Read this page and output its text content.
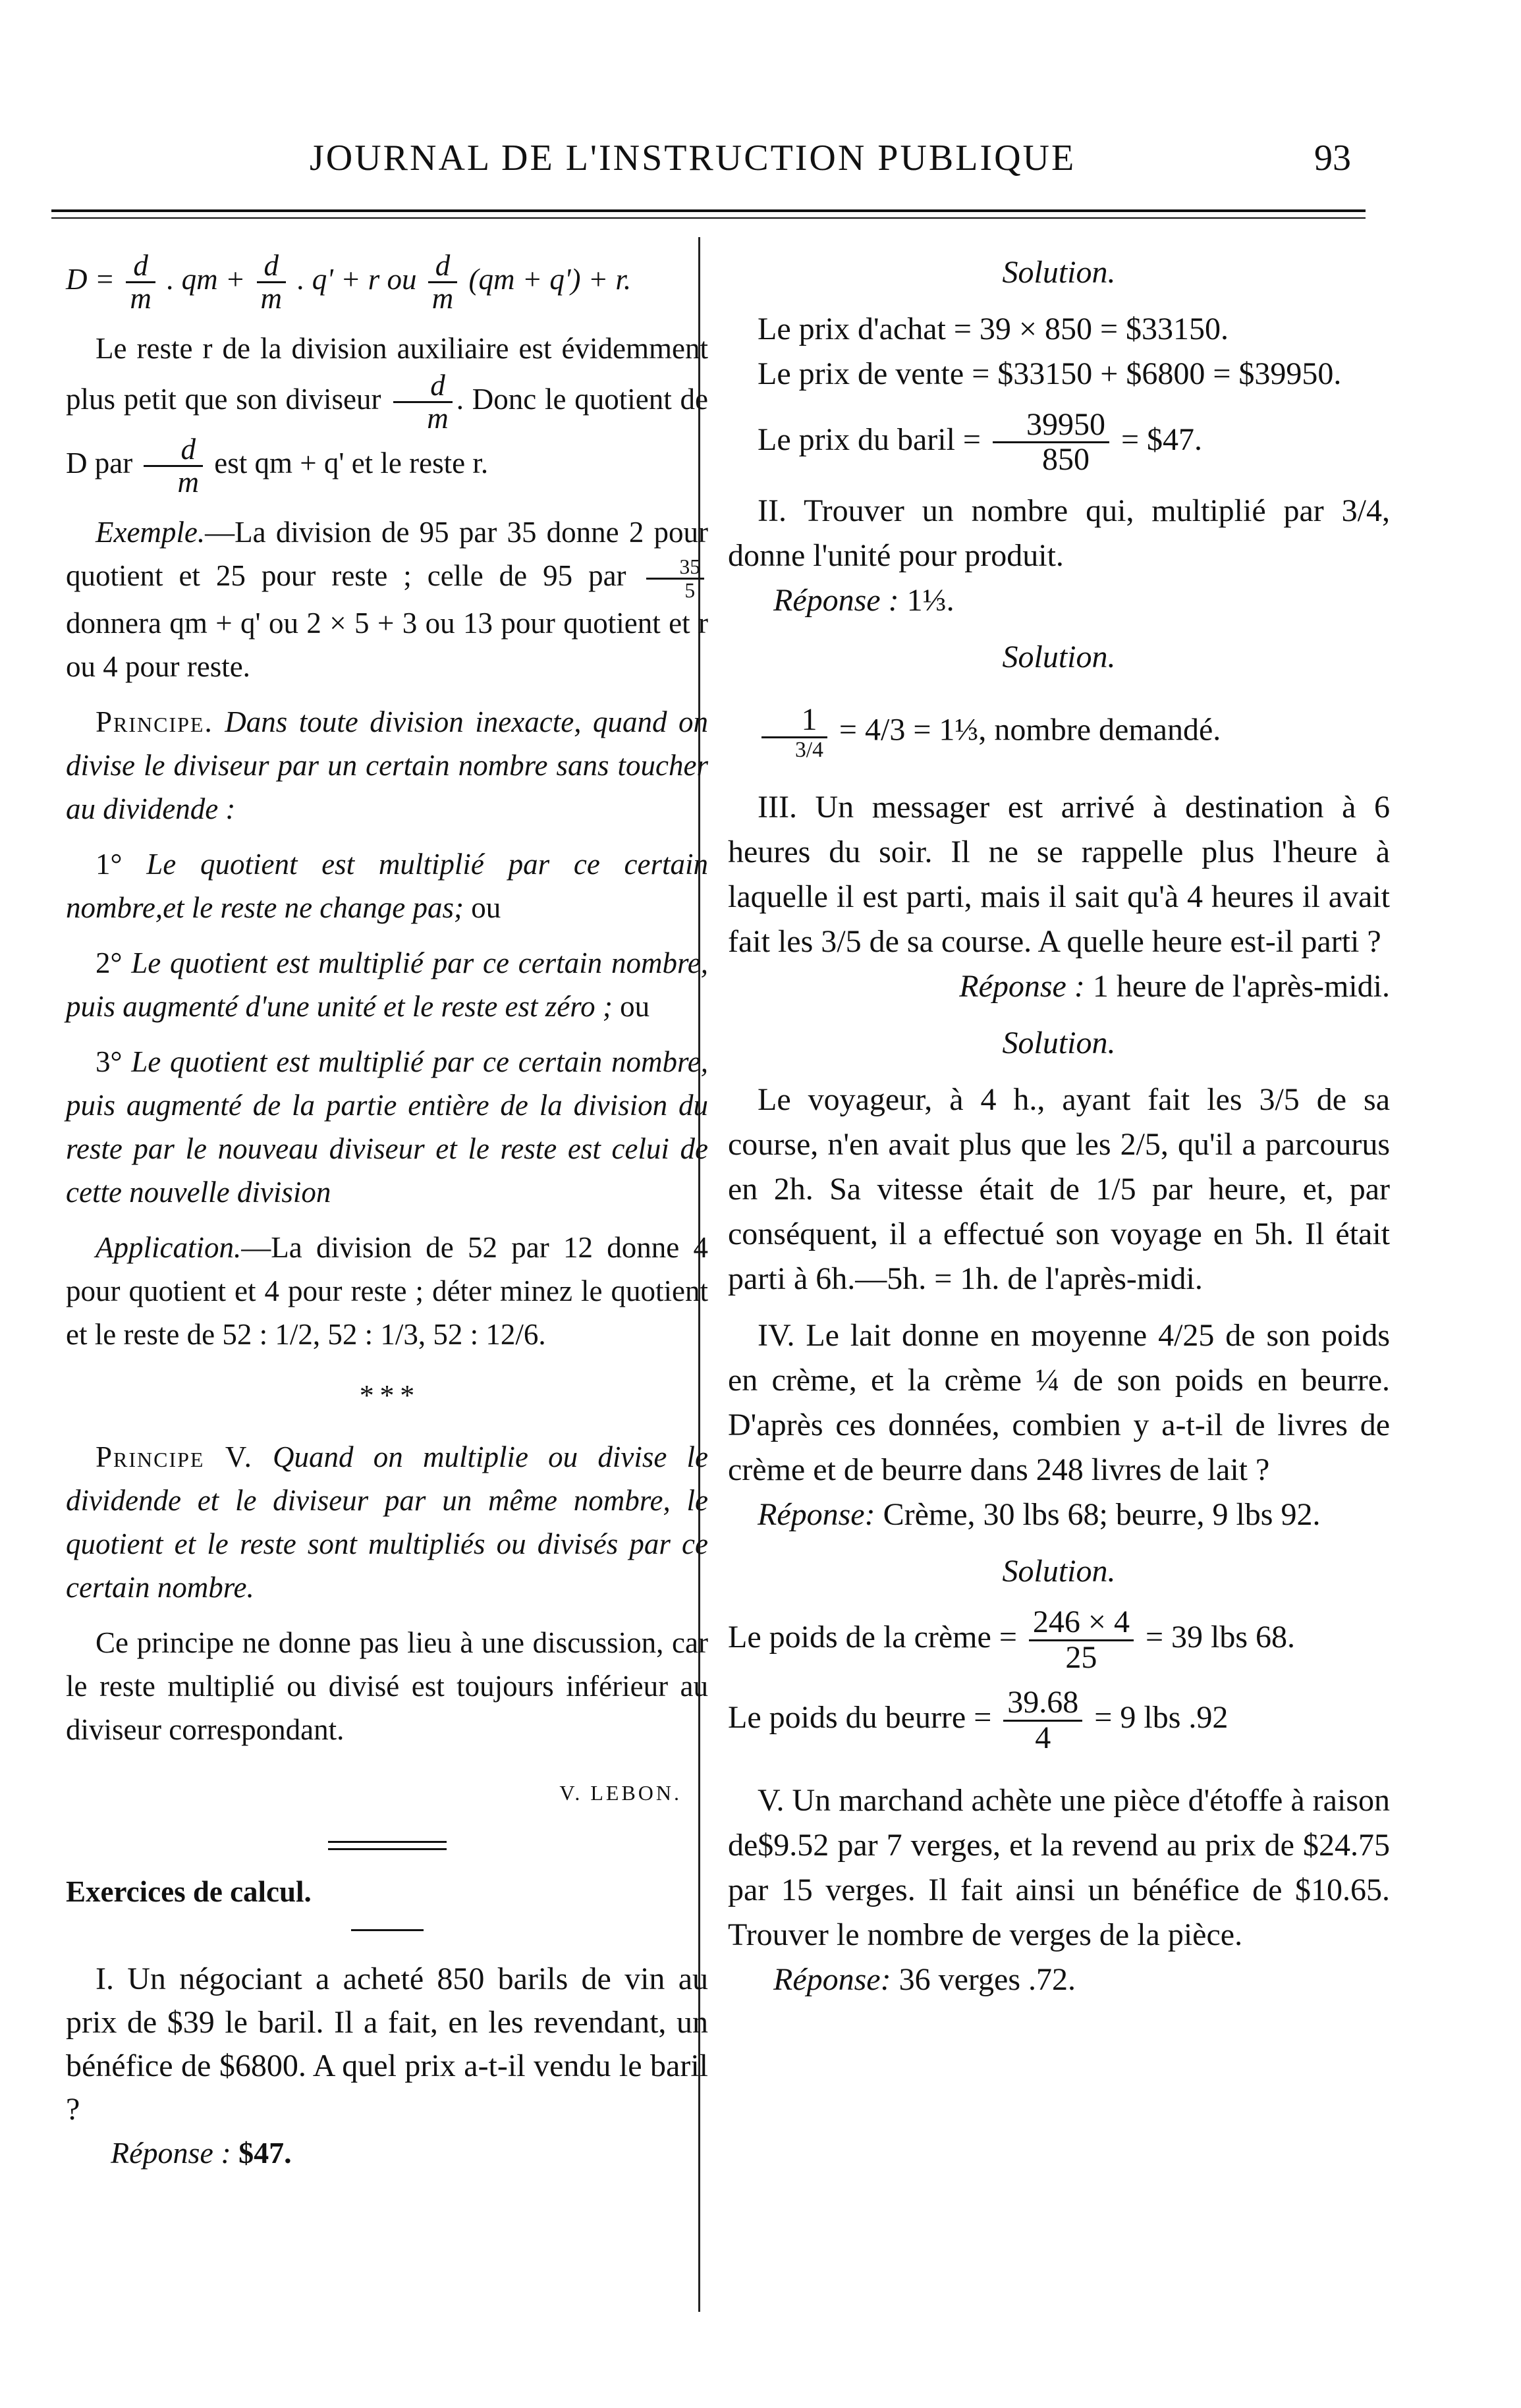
JOURNAL DE L'INSTRUCTION PUBLIQUE	93

$D = \frac{d}{m}$ . qm + $\frac{d}{m}$ . q' + r ou $\frac{d}{m} (qm + q') + r$.

Le reste r de la division auxiliaire est évidemment plus petit que son diviseur $\frac{d}{m}$ . Donc le quotient de D par $\frac{d}{m}$ est qm + q' et le reste r.

Exemple.—La division de 95 par 35 donne 2 pour quotient et 25 pour reste ; celle de 95 par $\frac{35}{5}$
donnera qm + q' ou 2 × 5 + 3 ou 13 pour quotient et r ou 4 pour reste.

Principe. Dans toute division inexacte, quand on divise le diviseur par un certain nombre sans toucher au dividende :

1° Le quotient est multiplié par ce certain nombre,et le reste ne change pas; ou

2° Le quotient est multiplié par ce certain nombre, puis augmenté d'une unité et le reste est zéro ; ou

3° Le quotient est multiplié par ce certain nombre, puis augmenté de la partie entière de la division du reste par le nouveau diviseur et le reste est celui de cette nouvelle division

Application.—La division de 52 par 12 donne 4 pour quotient et 4 pour reste ; déter minez le quotient et le reste de 52 : 1/2, 52 : 1/3, 52 : 12/6.

* * *

Principe V. Quand on multiplie ou divise le dividende et le diviseur par un même nombre, le quotient et le reste sont multipliés ou divisés par ce certain nombre.

Ce principe ne donne pas lieu à une discussion, car le reste multiplié ou divisé est toujours inférieur au diviseur correspondant.

V. LEBON.

Exercices de calcul.

I. Un négociant a acheté 850 barils de vin au prix de $39 le baril. Il a fait, en les revendant, un bénéfice de $6800. A quel prix a-t-il vendu le baril ?

Réponse : $47.

Solution.

Le prix d'achat = 39 × 850 = $33150.

Le prix de vente = $33150 + $6800 = $39950.

Le prix du baril = $\frac{39950}{850}$ = $47.

II. Trouver un nombre qui, multiplié par 3/4, donne l'unité pour produit.

Réponse : 1⅓.

Solution.

$\frac{1}{3/4} = 4/3$ = 1⅓, nombre demandé.

III. Un messager est arrivé à destination à 6 heures du soir. Il ne se rappelle plus l'heure à laquelle il est parti, mais il sait qu'à 4 heures il avait fait les 3/5 de sa course. A quelle heure est-il parti ?

Réponse : 1 heure de l'après-midi.

Solution.

Le voyageur, à 4 h., ayant fait les 3/5 de sa course, n'en avait plus que les 2/5, qu'il a parcourus en 2h. Sa vitesse était de 1/5 par heure, et, par conséquent, il a effectué son voyage en 5h. Il était parti à 6h.—5h. = 1h. de l'après-midi.

IV. Le lait donne en moyenne 4/25 de son poids en crème, et la crème ¼ de son poids en beurre. D'après ces données, combien y a-t-il de livres de crème et de beurre dans 248 livres de lait ?

Réponse: Crème, 30 lbs 68; beurre, 9 lbs 92.

Solution.

Le poids de la crème = $\frac{246 \times 4}{25} = 39$ lbs 68.

Le poids du beurre = $\frac{39.68}{4} = 9$ lbs .92

V. Un marchand achète une pièce d'étoffe à raison de$9.52 par 7 verges, et la revend au prix de $24.75 par 15 verges. Il fait ainsi un bénéfice de $10.65. Trouver le nombre de verges de la pièce.

Réponse: 36 verges .72.
